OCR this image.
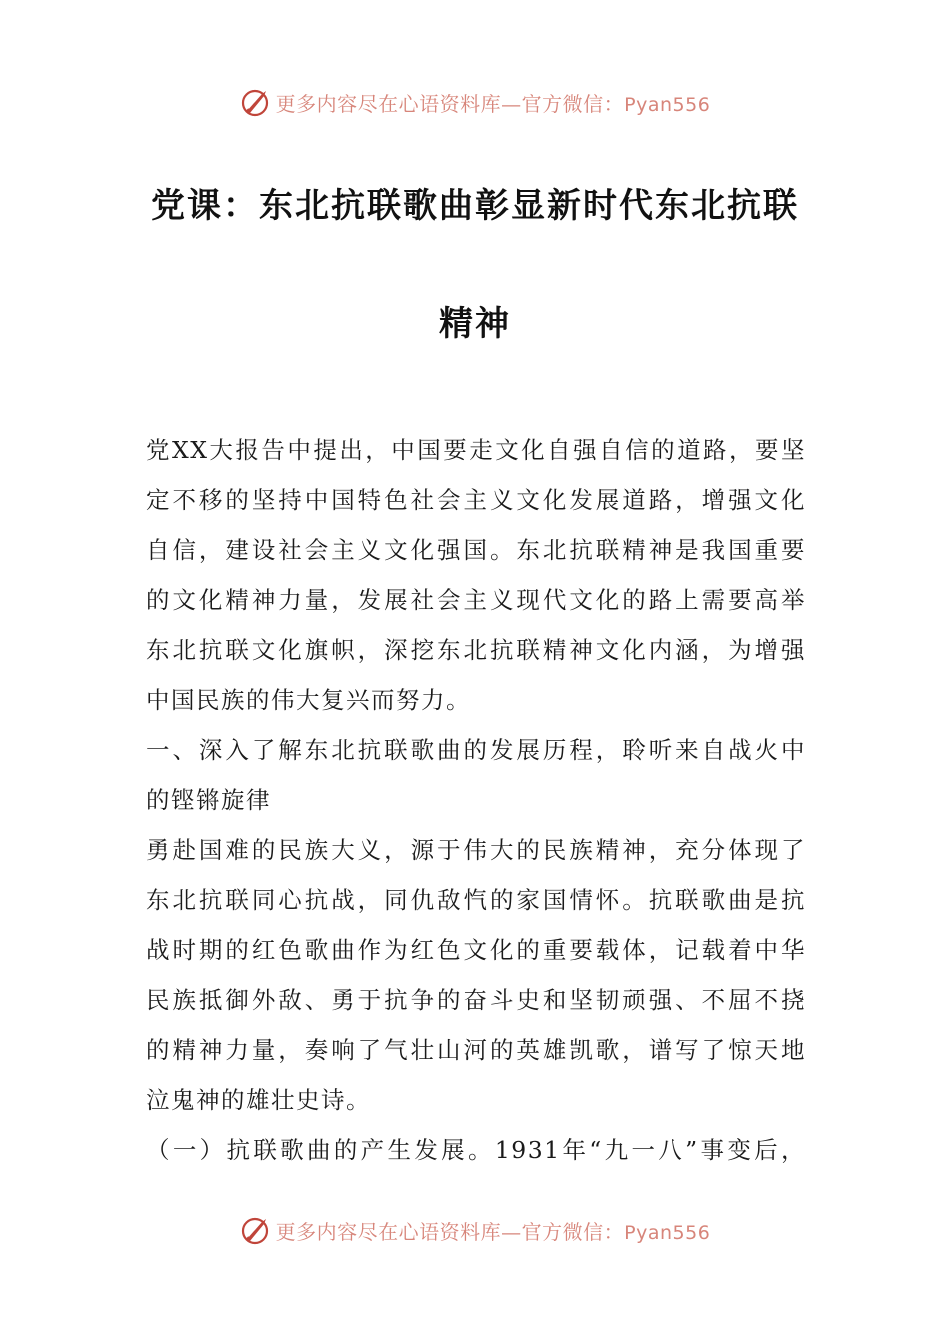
更多内容尽在心语资料库—官方微信：Pyan556
党课：东北抗联歌曲彰显新时代东北抗联
精神
党XX大报告中提出，中国要走文化自强自信的道路，要坚
定不移的坚持中国特色社会主义文化发展道路，增强文化
自信，建设社会主义文化强国。东北抗联精神是我国重要
的文化精神力量，发展社会主义现代文化的路上需要高举
东北抗联文化旗帜，深挖东北抗联精神文化内涵，为增强
中国民族的伟大复兴而努力。
一、深入了解东北抗联歌曲的发展历程，聆听来自战火中
的铿锵旋律
勇赴国难的民族大义，源于伟大的民族精神，充分体现了
东北抗联同心抗战，同仇敌忾的家国情怀。抗联歌曲是抗
战时期的红色歌曲作为红色文化的重要载体，记载着中华
民族抵御外敌、勇于抗争的奋斗史和坚韧顽强、不屈不挠
的精神力量，奏响了气壮山河的英雄凯歌，谱写了惊天地
泣鬼神的雄壮史诗。
（一）抗联歌曲的产生发展。1931年“九一八”事变后，
更多内容尽在心语资料库—官方微信：Pyan556
